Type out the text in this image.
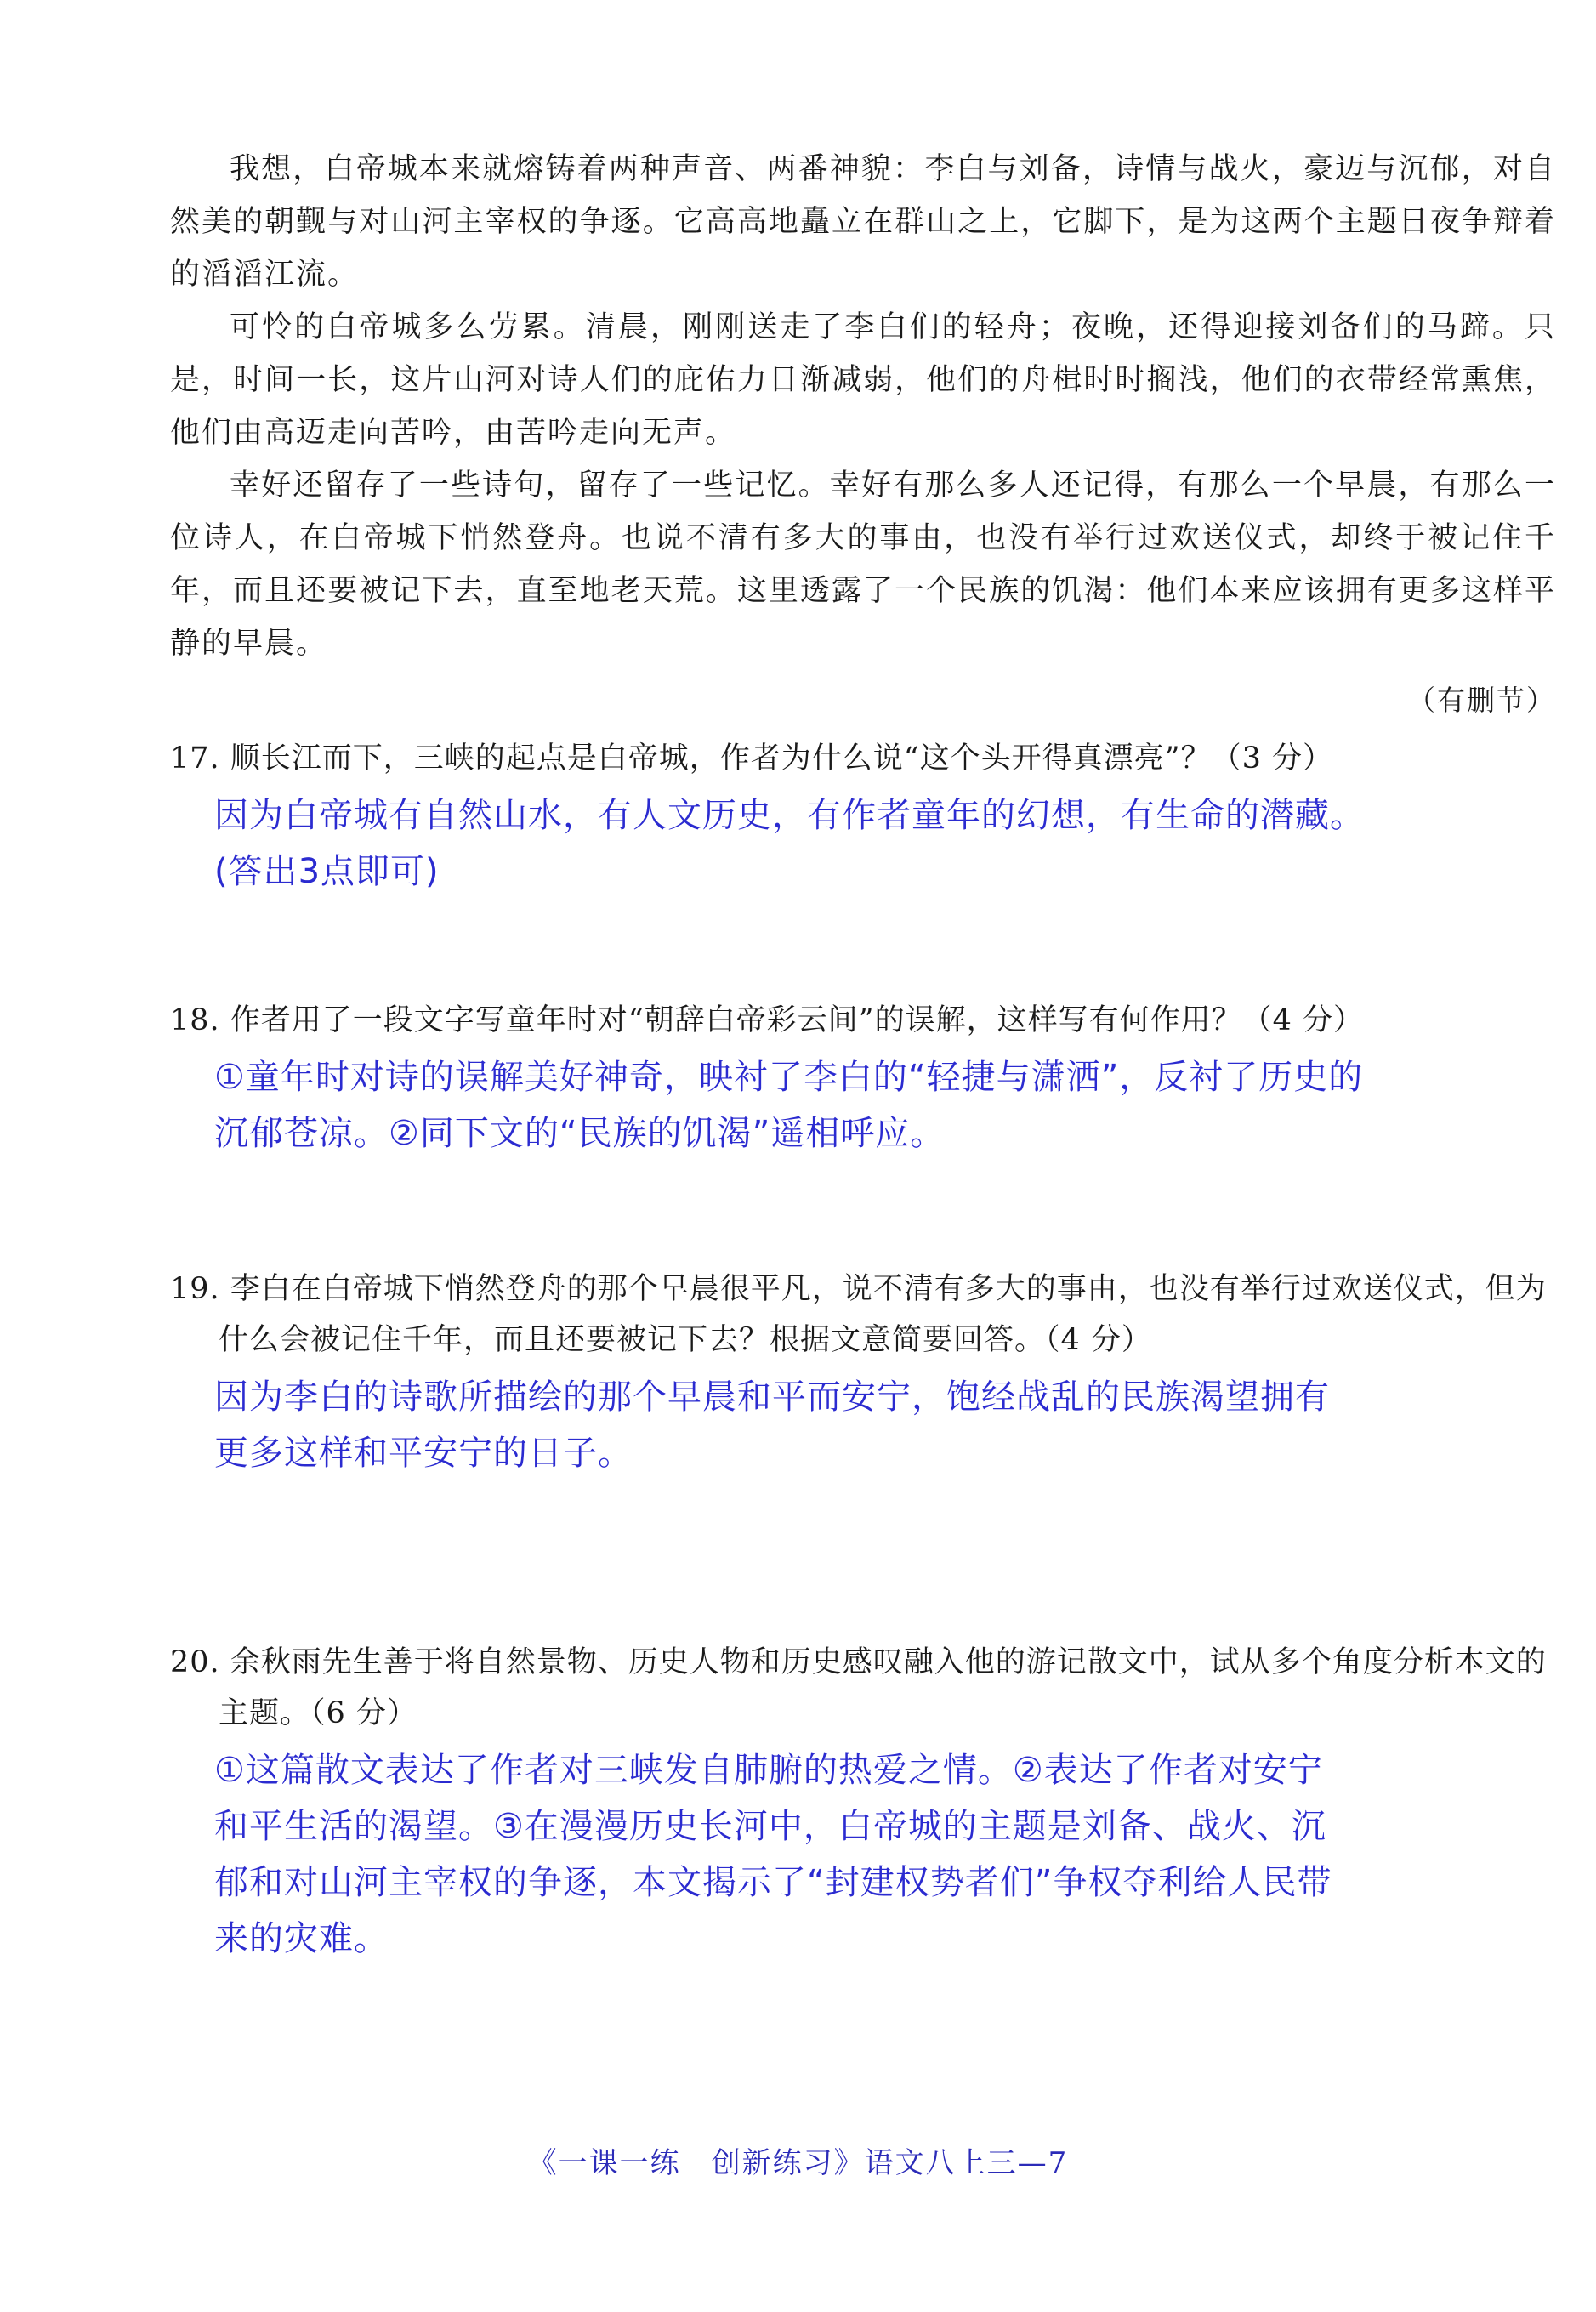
我想，白帝城本来就熔铸着两种声音、两番神貌：李白与刘备，诗情与战火，豪迈与沉郁，对自然美的朝觐与对山河主宰权的争逐。它高高地矗立在群山之上，它脚下，是为这两个主题日夜争辩着的滔滔江流。

可怜的白帝城多么劳累。清晨，刚刚送走了李白们的轻舟；夜晚，还得迎接刘备们的马蹄。只是，时间一长，这片山河对诗人们的庇佑力日渐减弱，他们的舟楫时时搁浅，他们的衣带经常熏焦，他们由高迈走向苦吟，由苦吟走向无声。

幸好还留存了一些诗句，留存了一些记忆。幸好有那么多人还记得，有那么一个早晨，有那么一位诗人，在白帝城下悄然登舟。也说不清有多大的事由，也没有举行过欢送仪式，却终于被记住千年，而且还要被记下去，直至地老天荒。这里透露了一个民族的饥渴：他们本来应该拥有更多这样平静的早晨。

（有删节）
17. 顺长江而下，三峡的起点是白帝城，作者为什么说“这个头开得真漂亮”？（3 分）
因为白帝城有自然山水，有人文历史，有作者童年的幻想，有生命的潜藏。
(答出3点即可)
18. 作者用了一段文字写童年时对“朝辞白帝彩云间”的误解，这样写有何作用？（4 分）
①童年时对诗的误解美好神奇，映衬了李白的“轻捷与潇洒”，反衬了历史的
沉郁苍凉。②同下文的“民族的饥渴”遥相呼应。
19. 李白在白帝城下悄然登舟的那个早晨很平凡，说不清有多大的事由，也没有举行过欢送仪式，但为什么会被记住千年，而且还要被记下去？根据文意简要回答。（4 分）
因为李白的诗歌所描绘的那个早晨和平而安宁，饱经战乱的民族渴望拥有
更多这样和平安宁的日子。
20. 余秋雨先生善于将自然景物、历史人物和历史感叹融入他的游记散文中，试从多个角度分析本文的主题。（6 分）
①这篇散文表达了作者对三峡发自肺腑的热爱之情。②表达了作者对安宁
和平生活的渴望。③在漫漫历史长河中，白帝城的主题是刘备、战火、沉
郁和对山河主宰权的争逐，本文揭示了“封建权势者们”争权夺利给人民带
来的灾难。
《一课一练　创新练习》语文八上三—7
